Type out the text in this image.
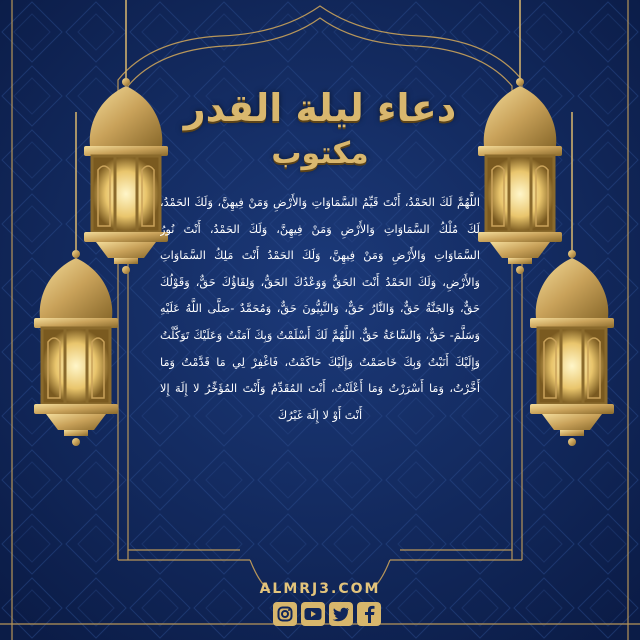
دعاء ليلة القدر
مكتوب

اللَّهُمَّ لَكَ الحَمْدُ، أَنْتَ قَيِّمُ السَّمَاوَاتِ وَالأَرْضِ وَمَنْ فِيهِنَّ، وَلَكَ الحَمْدُ، لَكَ مُلْكُ السَّمَاوَاتِ وَالأَرْضِ وَمَنْ فِيهِنَّ، وَلَكَ الحَمْدُ، أَنْتَ نُورُ السَّمَاوَاتِ وَالأَرْضِ وَمَنْ فِيهِنَّ، وَلَكَ الحَمْدُ أَنْتَ مَلِكُ السَّمَاوَاتِ وَالأَرْضِ، وَلَكَ الحَمْدُ أَنْتَ الحَقُّ وَوَعْدُكَ الحَقُّ، وَلِقَاؤُكَ حَقٌّ، وَقَوْلُكَ حَقٌّ، وَالجَنَّةُ حَقٌّ، وَالنَّارُ حَقٌّ، وَالنَّبِيُّونَ حَقٌّ، وَمُحَمَّدٌ -صَلَّى اللَّهُ عَلَيْهِ وَسَلَّمَ- حَقٌّ، وَالسَّاعَةُ حَقٌّ. اللَّهُمَّ لَكَ أَسْلَمْتُ وَبِكَ آمَنْتُ وَعَلَيْكَ تَوَكَّلْتُ وَإِلَيْكَ أَنَبْتُ وَبِكَ خَاصَمْتُ وَإِلَيْكَ حَاكَمْتُ، فَاغْفِرْ لِي مَا قَدَّمْتُ وَمَا أَخَّرْتُ، وَمَا أَسْرَرْتُ وَمَا أَعْلَنْتُ، أَنْتَ المُقَدِّمُ وَأَنْتَ المُؤَخِّرُ لا إِلَهَ إِلا أَنْتَ أَوْ لا إِلَهَ غَيْرُكَ

ALMRJ3.COM
